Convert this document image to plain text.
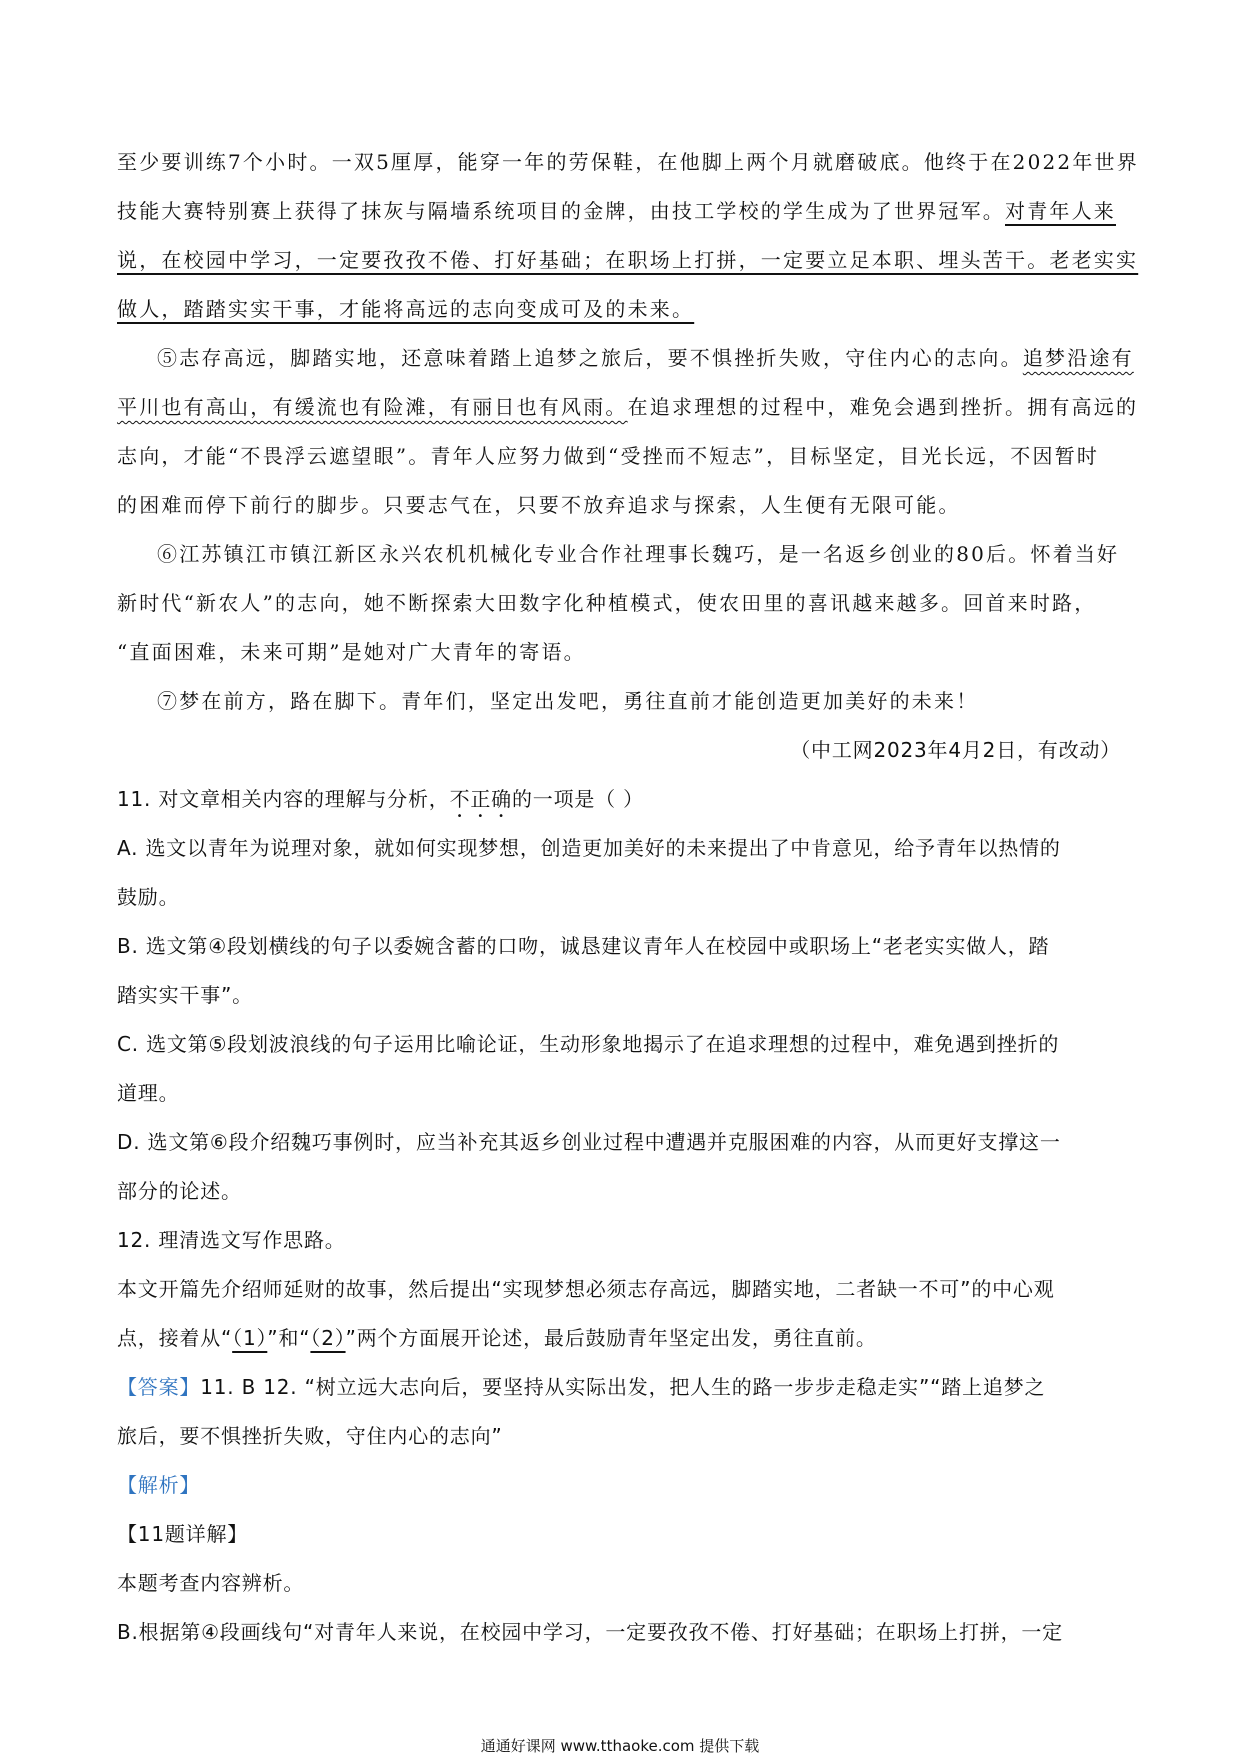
至少要训练7个小时。一双5厘厚，能穿一年的劳保鞋，在他脚上两个月就磨破底。他终于在2022年世界
技能大赛特别赛上获得了抹灰与隔墙系统项目的金牌，由技工学校的学生成为了世界冠军。对青年人来
说，在校园中学习，一定要孜孜不倦、打好基础；在职场上打拼，一定要立足本职、埋头苦干。老老实实
做人，踏踏实实干事，才能将高远的志向变成可及的未来。
⑤志存高远，脚踏实地，还意味着踏上追梦之旅后，要不惧挫折失败，守住内心的志向。追梦沿途有
平川也有高山，有缓流也有险滩，有丽日也有风雨。在追求理想的过程中，难免会遇到挫折。拥有高远的
志向，才能“不畏浮云遮望眼”。青年人应努力做到“受挫而不短志”，目标坚定，目光长远，不因暂时
的困难而停下前行的脚步。只要志气在，只要不放弃追求与探索，人生便有无限可能。
⑥江苏镇江市镇江新区永兴农机机械化专业合作社理事长魏巧，是一名返乡创业的80后。怀着当好
新时代“新农人”的志向，她不断探索大田数字化种植模式，使农田里的喜讯越来越多。回首来时路，
“直面困难，未来可期”是她对广大青年的寄语。
⑦梦在前方，路在脚下。青年们，坚定出发吧，勇往直前才能创造更加美好的未来！
（中工网2023年4月2日，有改动）
11. 对文章相关内容的理解与分析，不正确的一项是（ ）
A. 选文以青年为说理对象，就如何实现梦想，创造更加美好的未来提出了中肯意见，给予青年以热情的
鼓励。
B. 选文第④段划横线的句子以委婉含蓄的口吻，诚恳建议青年人在校园中或职场上“老老实实做人，踏
踏实实干事”。
C. 选文第⑤段划波浪线的句子运用比喻论证，生动形象地揭示了在追求理想的过程中，难免遇到挫折的
道理。
D. 选文第⑥段介绍魏巧事例时，应当补充其返乡创业过程中遭遇并克服困难的内容，从而更好支撑这一
部分的论述。
12. 理清选文写作思路。
本文开篇先介绍师延财的故事，然后提出“实现梦想必须志存高远，脚踏实地，二者缺一不可”的中心观
点，接着从“（1）”和“（2）”两个方面展开论述，最后鼓励青年坚定出发，勇往直前。
【答案】11. B 12. “树立远大志向后，要坚持从实际出发，把人生的路一步步走稳走实”“踏上追梦之
旅后，要不惧挫折失败，守住内心的志向”
【解析】
【11题详解】
本题考查内容辨析。
B.根据第④段画线句“对青年人来说，在校园中学习，一定要孜孜不倦、打好基础；在职场上打拼，一定
通通好课网 www.tthaoke.com 提供下载
